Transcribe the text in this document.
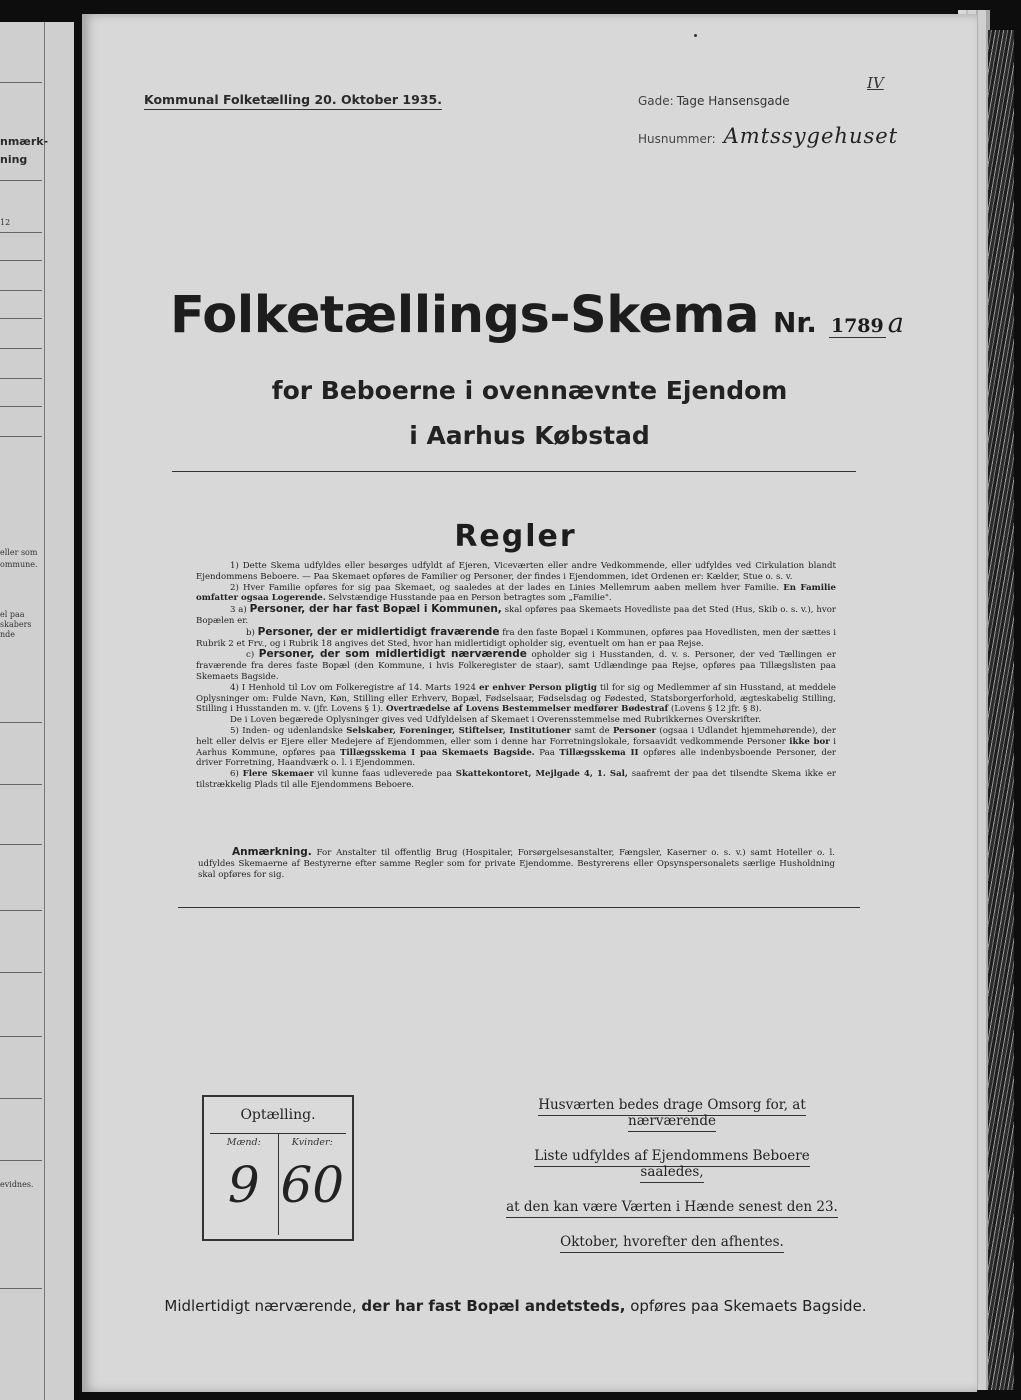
nmærk-
ning
12
eller som
ommune.
el paa
skabers
nde
evidnes.
Kommunal Folketælling 20. Oktober 1935.	Gade: Tage Hansensgade
Husnummer: Amtssygehuset
IV
Folketællings-Skema Nr. 1789 a
for Beboerne i ovennævnte Ejendom
i Aarhus Købstad
Regler

1) Dette Skema udfyldes eller besørges udfyldt af Ejeren, Viceværten eller andre Vedkommende, eller udfyldes ved Cirkulation blandt Ejendommens Beboere. — Paa Skemaet opføres de Familier og Personer, der findes i Ejendommen, idet Ordenen er: Kælder, Stue o. s. v.

2) Hver Familie opføres for sig paa Skemaet, og saaledes at der lades en Linies Mellemrum aaben mellem hver Familie. En Familie omfatter ogsaa Logerende. Selvstændige Husstande paa en Person betragtes som „Familie".

3 a) Personer, der har fast Bopæl i Kommunen, skal opføres paa Skemaets Hovedliste paa det Sted (Hus, Skib o. s. v.), hvor Bopælen er.

b) Personer, der er midlertidigt fraværende fra den faste Bopæl i Kommunen, opføres paa Hovedlisten, men der sættes i Rubrik 2 et Frv., og i Rubrik 18 angives det Sted, hvor han midlertidigt opholder sig, eventuelt om han er paa Rejse.

c) Personer, der som midlertidigt nærværende opholder sig i Husstanden, d. v. s. Personer, der ved Tællingen er fraværende fra deres faste Bopæl (den Kommune, i hvis Folkeregister de staar), samt Udlændinge paa Rejse, opføres paa Tillægslisten paa Skemaets Bagside.

4) I Henhold til Lov om Folkeregistre af 14. Marts 1924 er enhver Person pligtig til for sig og Medlemmer af sin Husstand, at meddele Oplysninger om: Fulde Navn, Køn, Stilling eller Erhverv, Bopæl, Fødselsaar, Fødselsdag og Fødested, Statsborgerforhold, ægteskabelig Stilling, Stilling i Husstanden m. v. (jfr. Lovens § 1). Overtrædelse af Lovens Bestemmelser medfører Bødestraf (Lovens § 12 jfr. § 8).

De i Loven begærede Oplysninger gives ved Udfyldelsen af Skemaet i Overensstemmelse med Rubrikkernes Overskrifter.

5) Inden- og udenlandske Selskaber, Foreninger, Stiftelser, Institutioner samt de Personer (ogsaa i Udlandet hjemmehørende), der helt eller delvis er Ejere eller Medejere af Ejendommen, eller som i denne har Forretningslokale, forsaavidt vedkommende Personer ikke bor i Aarhus Kommune, opføres paa Tillægsskema I paa Skemaets Bagside. Paa Tillægsskema II opføres alle indenbysboende Personer, der driver Forretning, Haandværk o. l. i Ejendommen.

6) Flere Skemaer vil kunne faas udleverede paa Skattekontoret, Mejlgade 4, 1. Sal, saafremt der paa det tilsendte Skema ikke er tilstrækkelig Plads til alle Ejendommens Beboere.

Anmærkning. For Anstalter til offentlig Brug (Hospitaler, Forsørgelsesanstalter, Fængsler, Kaserner o. s. v.) samt Hoteller o. l. udfyldes Skemaerne af Bestyrerne efter samme Regler som for private Ejendomme. Bestyrerens eller Opsynspersonalets særlige Husholdning skal opføres for sig.
Optælling.
Mænd:
9
Kvinder:
60
Husværten bedes drage Omsorg for, at nærværende
Liste udfyldes af Ejendommens Beboere saaledes,
at den kan være Værten i Hænde senest den 23.
Oktober, hvorefter den afhentes.
Midlertidigt nærværende, der har fast Bopæl andetsteds, opføres paa Skemaets Bagside.
